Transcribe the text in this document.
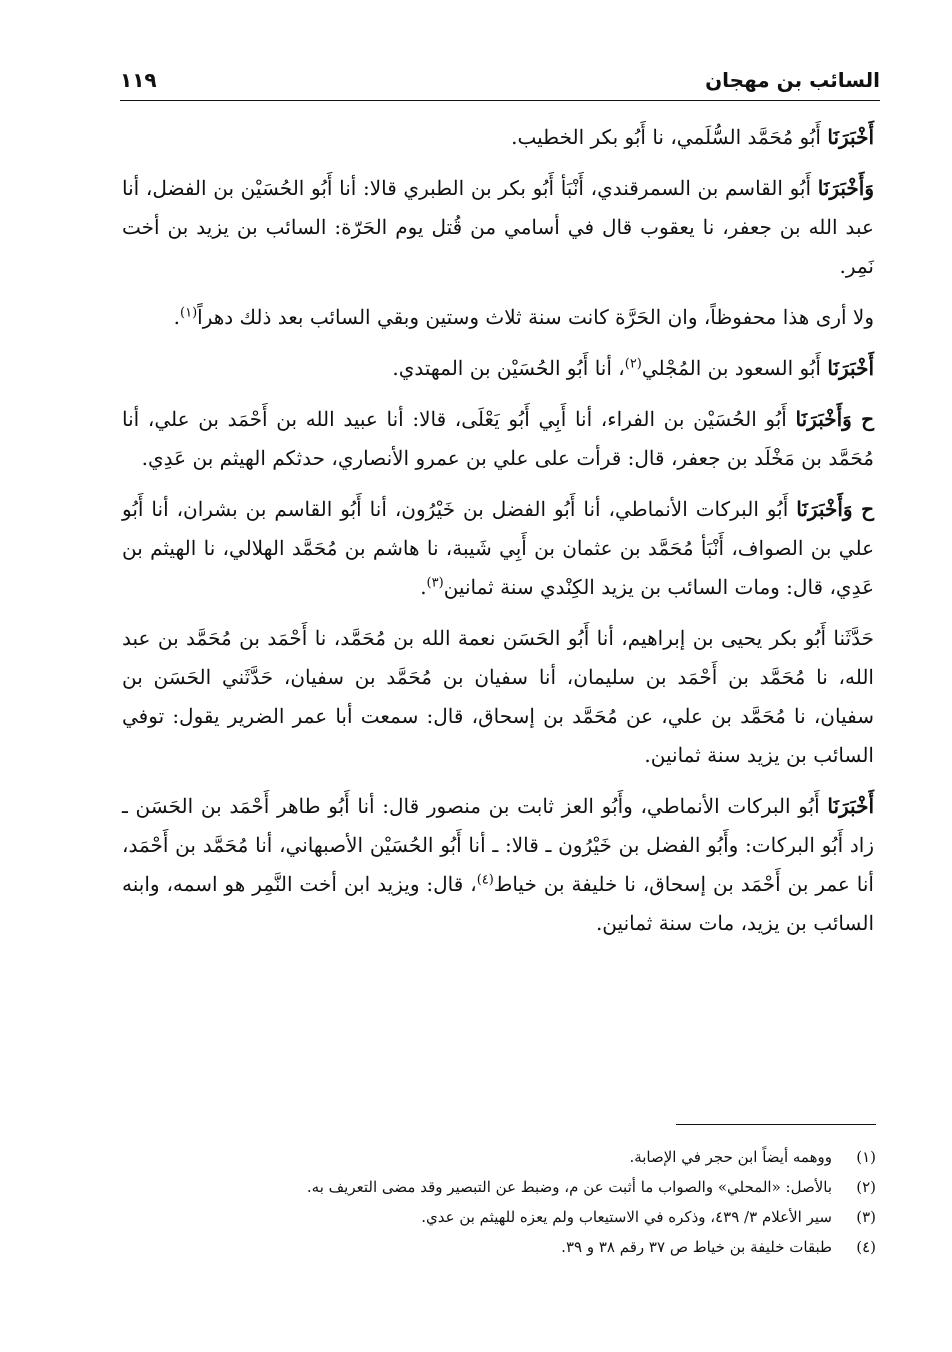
السائب بن مهجان
١١٩

أَخْبَرَنَا أَبُو مُحَمَّد السُّلَمي، نا أَبُو بكر الخطيب.

وَأَخْبَرَنَا أَبُو القاسم بن السمرقندي، أَنْبَأ أَبُو بكر بن الطبري قالا: أنا أَبُو الحُسَيْن بن الفضل، أنا عبد الله بن جعفر، نا يعقوب قال في أسامي من قُتل يوم الحَرّة: السائب بن يزيد بن أخت نَمِر.

ولا أرى هذا محفوظاً، وان الحَرَّة كانت سنة ثلاث وستين وبقي السائب بعد ذلك دهراً$^{(١)}$.

أَخْبَرَنَا أَبُو السعود بن المُجْلي$^{(٢)}$، أنا أَبُو الحُسَيْن بن المهتدي.

ح وَأَخْبَرَنَا أَبُو الحُسَيْن بن الفراء، أنا أَبِي أَبُو يَعْلَى، قالا: أنا عبيد الله بن أَحْمَد بن علي، أنا مُحَمَّد بن مَخْلَد بن جعفر، قال: قرأت على علي بن عمرو الأنصاري، حدثكم الهيثم بن عَدِي.

ح وَأَخْبَرَنَا أَبُو البركات الأنماطي، أنا أَبُو الفضل بن خَيْرُون، أنا أَبُو القاسم بن بشران، أنا أَبُو علي بن الصواف، أَنْبَأ مُحَمَّد بن عثمان بن أَبِي شَيبة، نا هاشم بن مُحَمَّد الهلالي، نا الهيثم بن عَدِي، قال: ومات السائب بن يزيد الكِنْدي سنة ثمانين$^{(٣)}$.

حَدَّثَنا أَبُو بكر يحيى بن إبراهيم، أنا أَبُو الحَسَن نعمة الله بن مُحَمَّد، نا أَحْمَد بن مُحَمَّد بن عبد الله، نا مُحَمَّد بن أَحْمَد بن سليمان، أنا سفيان بن مُحَمَّد بن سفيان، حَدَّثَني الحَسَن بن سفيان، نا مُحَمَّد بن علي، عن مُحَمَّد بن إسحاق، قال: سمعت أبا عمر الضرير يقول: توفي السائب بن يزيد سنة ثمانين.

أَخْبَرَنَا أَبُو البركات الأنماطي، وأَبُو العز ثابت بن منصور قال: أنا أَبُو طاهر أَحْمَد بن الحَسَن ـ زاد أَبُو البركات: وأَبُو الفضل بن خَيْرُون ـ قالا: ـ أنا أَبُو الحُسَيْن الأصبهاني، أنا مُحَمَّد بن أَحْمَد، أنا عمر بن أَحْمَد بن إسحاق، نا خليفة بن خياط$^{(٤)}$، قال: ويزيد ابن أخت النَّمِر هو اسمه، وابنه السائب بن يزيد، مات سنة ثمانين.

(١)ووهمه أيضاً ابن حجر في الإصابة.
(٢)بالأصل: «المحلي» والصواب ما أثبت عن م، وضبط عن التبصير وقد مضى التعريف به.
(٣)سير الأعلام ٣/ ٤٣٩، وذكره في الاستيعاب ولم يعزه للهيثم بن عدي.
(٤)طبقات خليفة بن خياط ص ٣٧ رقم ٣٨ و ٣٩.
